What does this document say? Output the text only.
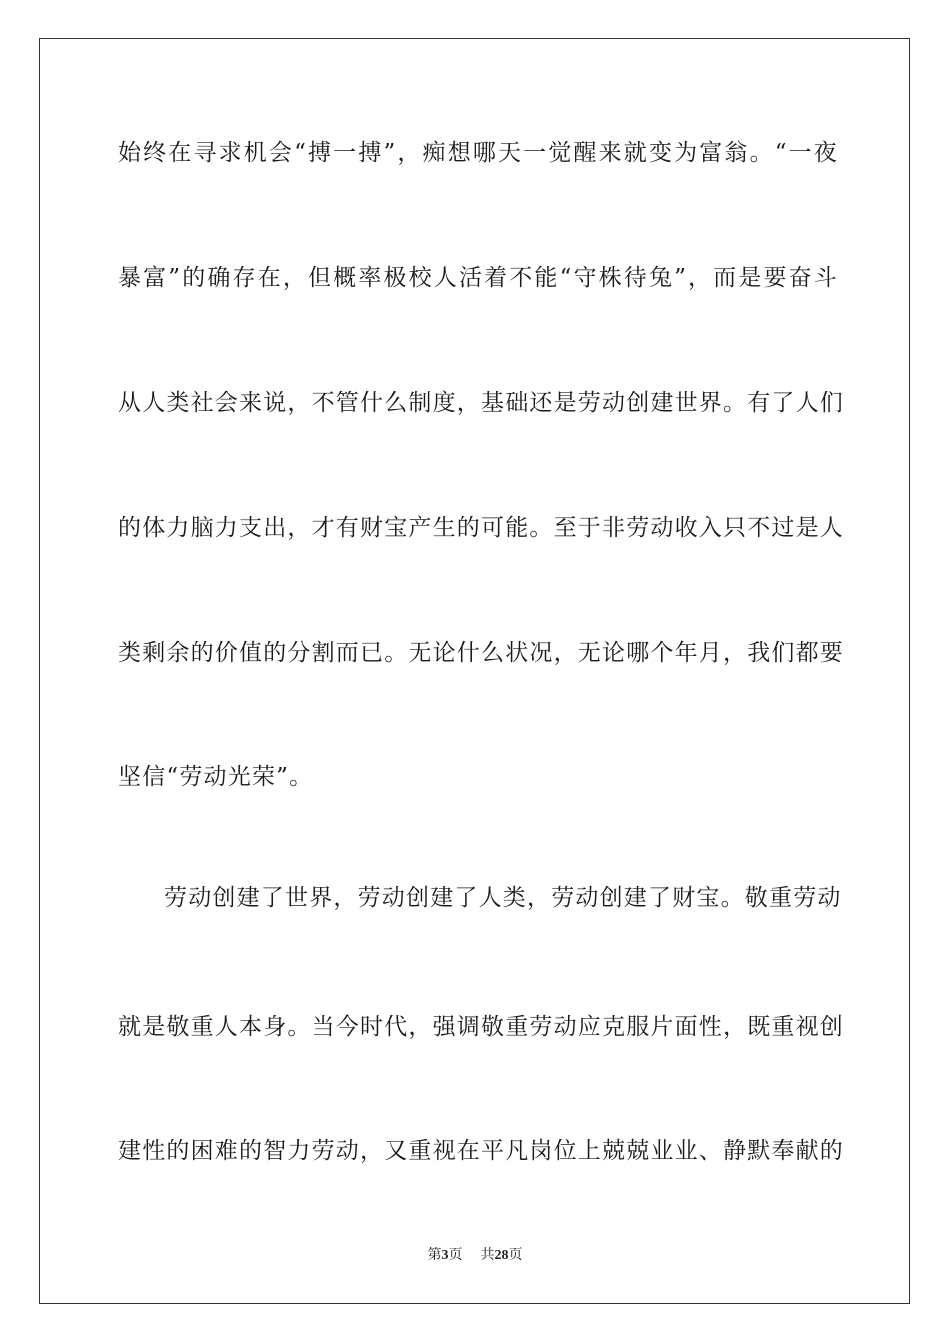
始终在寻求机会“搏一搏”，痴想哪天一觉醒来就变为富翁。“一夜
暴富”的确存在，但概率极校人活着不能“守株待兔”，而是要奋斗
从人类社会来说，不管什么制度，基础还是劳动创建世界。有了人们
的体力脑力支出，才有财宝产生的可能。至于非劳动收入只不过是人
类剩余的价值的分割而已。无论什么状况，无论哪个年月，我们都要
坚信“劳动光荣”。
劳动创建了世界，劳动创建了人类，劳动创建了财宝。敬重劳动
就是敬重人本身。当今时代，强调敬重劳动应克服片面性，既重视创
建性的困难的智力劳动，又重视在平凡岗位上兢兢业业、静默奉献的
第3页 共28页
